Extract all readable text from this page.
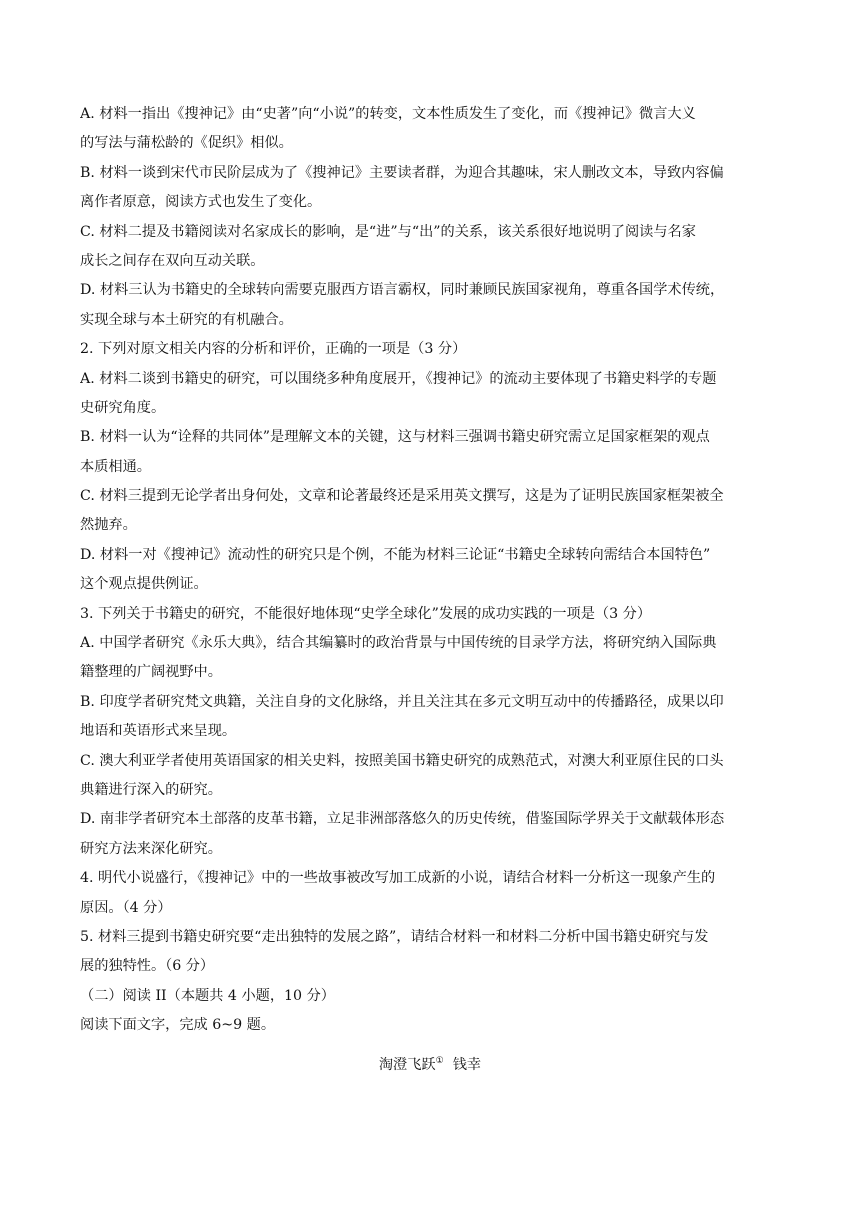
A. 材料一指出《搜神记》由“史著”向“小说”的转变，文本性质发生了变化，而《搜神记》微言大义
的写法与蒲松龄的《促织》相似。
B. 材料一谈到宋代市民阶层成为了《搜神记》主要读者群，为迎合其趣味，宋人删改文本，导致内容偏
离作者原意，阅读方式也发生了变化。
C. 材料二提及书籍阅读对名家成长的影响，是“进”与“出”的关系，该关系很好地说明了阅读与名家
成长之间存在双向互动关联。
D. 材料三认为书籍史的全球转向需要克服西方语言霸权，同时兼顾民族国家视角，尊重各国学术传统，
实现全球与本土研究的有机融合。
2. 下列对原文相关内容的分析和评价，正确的一项是（3 分）
A. 材料二谈到书籍史的研究，可以围绕多种角度展开，《搜神记》的流动主要体现了书籍史料学的专题
史研究角度。
B. 材料一认为“诠释的共同体”是理解文本的关键，这与材料三强调书籍史研究需立足国家框架的观点
本质相通。
C. 材料三提到无论学者出身何处，文章和论著最终还是采用英文撰写，这是为了证明民族国家框架被全
然抛弃。
D. 材料一对《搜神记》流动性的研究只是个例，不能为材料三论证“书籍史全球转向需结合本国特色”
这个观点提供例证。
3. 下列关于书籍史的研究，不能很好地体现“史学全球化”发展的成功实践的一项是（3 分）
A. 中国学者研究《永乐大典》，结合其编纂时的政治背景与中国传统的目录学方法，将研究纳入国际典
籍整理的广阔视野中。
B. 印度学者研究梵文典籍，关注自身的文化脉络，并且关注其在多元文明互动中的传播路径，成果以印
地语和英语形式来呈现。
C. 澳大利亚学者使用英语国家的相关史料，按照美国书籍史研究的成熟范式，对澳大利亚原住民的口头
典籍进行深入的研究。
D. 南非学者研究本土部落的皮革书籍，立足非洲部落悠久的历史传统，借鉴国际学界关于文献载体形态
研究方法来深化研究。
4. 明代小说盛行，《搜神记》中的一些故事被改写加工成新的小说，请结合材料一分析这一现象产生的
原因。（4 分）
5. 材料三提到书籍史研究要“走出独特的发展之路”，请结合材料一和材料二分析中国书籍史研究与发
展的独特性。（6 分）
（二）阅读 II（本题共 4 小题，10 分）
阅读下面文字，完成 6~9 题。

淘澄飞跃① 钱幸
